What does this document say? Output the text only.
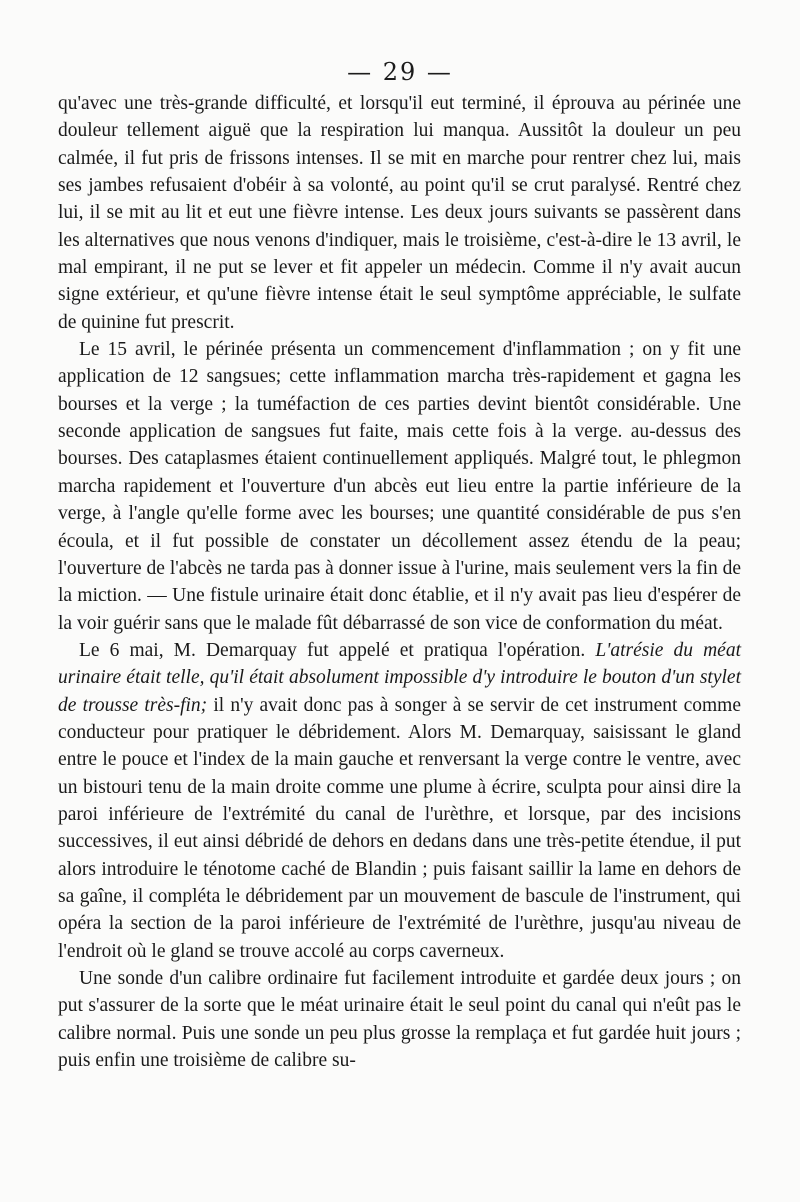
— 29 —

qu'avec une très-grande difficulté, et lorsqu'il eut terminé, il éprouva au périnée une douleur tellement aiguë que la respiration lui manqua. Aussitôt la douleur un peu calmée, il fut pris de frissons intenses. Il se mit en marche pour rentrer chez lui, mais ses jambes refusaient d'obéir à sa volonté, au point qu'il se crut paralysé. Rentré chez lui, il se mit au lit et eut une fièvre intense. Les deux jours suivants se passèrent dans les alternatives que nous venons d'indiquer, mais le troisième, c'est-à-dire le 13 avril, le mal empirant, il ne put se lever et fit appeler un médecin. Comme il n'y avait aucun signe extérieur, et qu'une fièvre intense était le seul symptôme appréciable, le sulfate de quinine fut prescrit.

Le 15 avril, le périnée présenta un commencement d'inflammation ; on y fit une application de 12 sangsues; cette inflammation marcha très-rapidement et gagna les bourses et la verge ; la tuméfaction de ces parties devint bientôt considérable. Une seconde application de sangsues fut faite, mais cette fois à la verge. au-dessus des bourses. Des cataplasmes étaient continuellement appliqués. Malgré tout, le phlegmon marcha rapidement et l'ouverture d'un abcès eut lieu entre la partie inférieure de la verge, à l'angle qu'elle forme avec les bourses; une quantité considérable de pus s'en écoula, et il fut possible de constater un décollement assez étendu de la peau; l'ouverture de l'abcès ne tarda pas à donner issue à l'urine, mais seulement vers la fin de la miction. — Une fistule urinaire était donc établie, et il n'y avait pas lieu d'espérer de la voir guérir sans que le malade fût débarrassé de son vice de conformation du méat.

Le 6 mai, M. Demarquay fut appelé et pratiqua l'opération. L'atrésie du méat urinaire était telle, qu'il était absolument impossible d'y introduire le bouton d'un stylet de trousse très-fin; il n'y avait donc pas à songer à se servir de cet instrument comme conducteur pour pratiquer le débridement. Alors M. Demarquay, saisissant le gland entre le pouce et l'index de la main gauche et renversant la verge contre le ventre, avec un bistouri tenu de la main droite comme une plume à écrire, sculpta pour ainsi dire la paroi inférieure de l'extrémité du canal de l'urèthre, et lorsque, par des incisions successives, il eut ainsi débridé de dehors en dedans dans une très-petite étendue, il put alors introduire le ténotome caché de Blandin ; puis faisant saillir la lame en dehors de sa gaîne, il compléta le débridement par un mouvement de bascule de l'instrument, qui opéra la section de la paroi inférieure de l'extrémité de l'urèthre, jusqu'au niveau de l'endroit où le gland se trouve accolé au corps caverneux.

Une sonde d'un calibre ordinaire fut facilement introduite et gardée deux jours ; on put s'assurer de la sorte que le méat urinaire était le seul point du canal qui n'eût pas le calibre normal. Puis une sonde un peu plus grosse la remplaça et fut gardée huit jours ; puis enfin une troisième de calibre su-
